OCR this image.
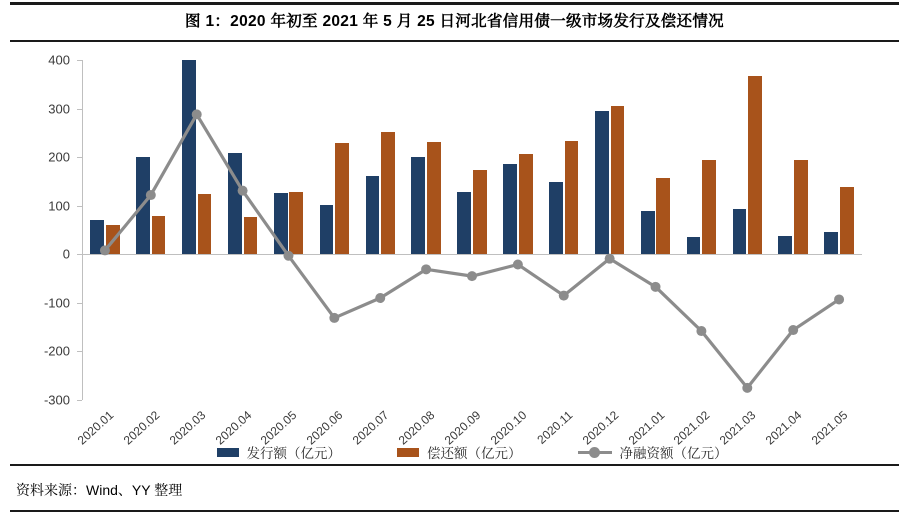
图 1：2020 年初至 2021 年 5 月 25 日河北省信用债一级市场发行及偿还情况
400
300
200
100
0
-100
-200
-300
2020.01 2020.02 2020.03 2020.04 2020.05 2020.06 2020.07 2020.08 2020.09 2020.10 2020.11 2020.12 2021.01 2021.02 2021.03 2021.04 2021.05
发行额（亿元）	偿还额（亿元）	净融资额（亿元）
资料来源：Wind、YY 整理
